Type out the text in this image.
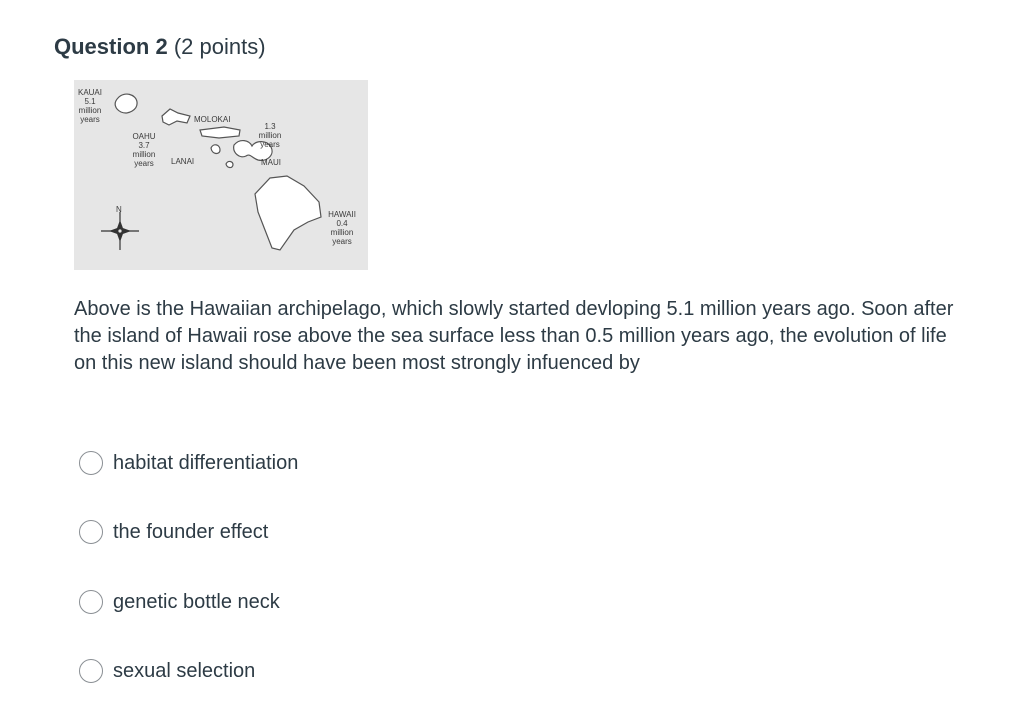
Question 2 (2 points)
KAUAI
5.1
million
years	MOLOKAI
1.3
million
years
MAUI
OAHU
3.7
million
years	LANAI
HAWAII
0.4
million
years
N
Above is the Hawaiian archipelago, which slowly started devloping 5.1 million years ago. Soon after the island of Hawaii rose above the sea surface less than 0.5 million years ago, the evolution of life on this new island should have been most strongly infuenced by
habitat differentiation
the founder effect
genetic bottle neck
sexual selection
